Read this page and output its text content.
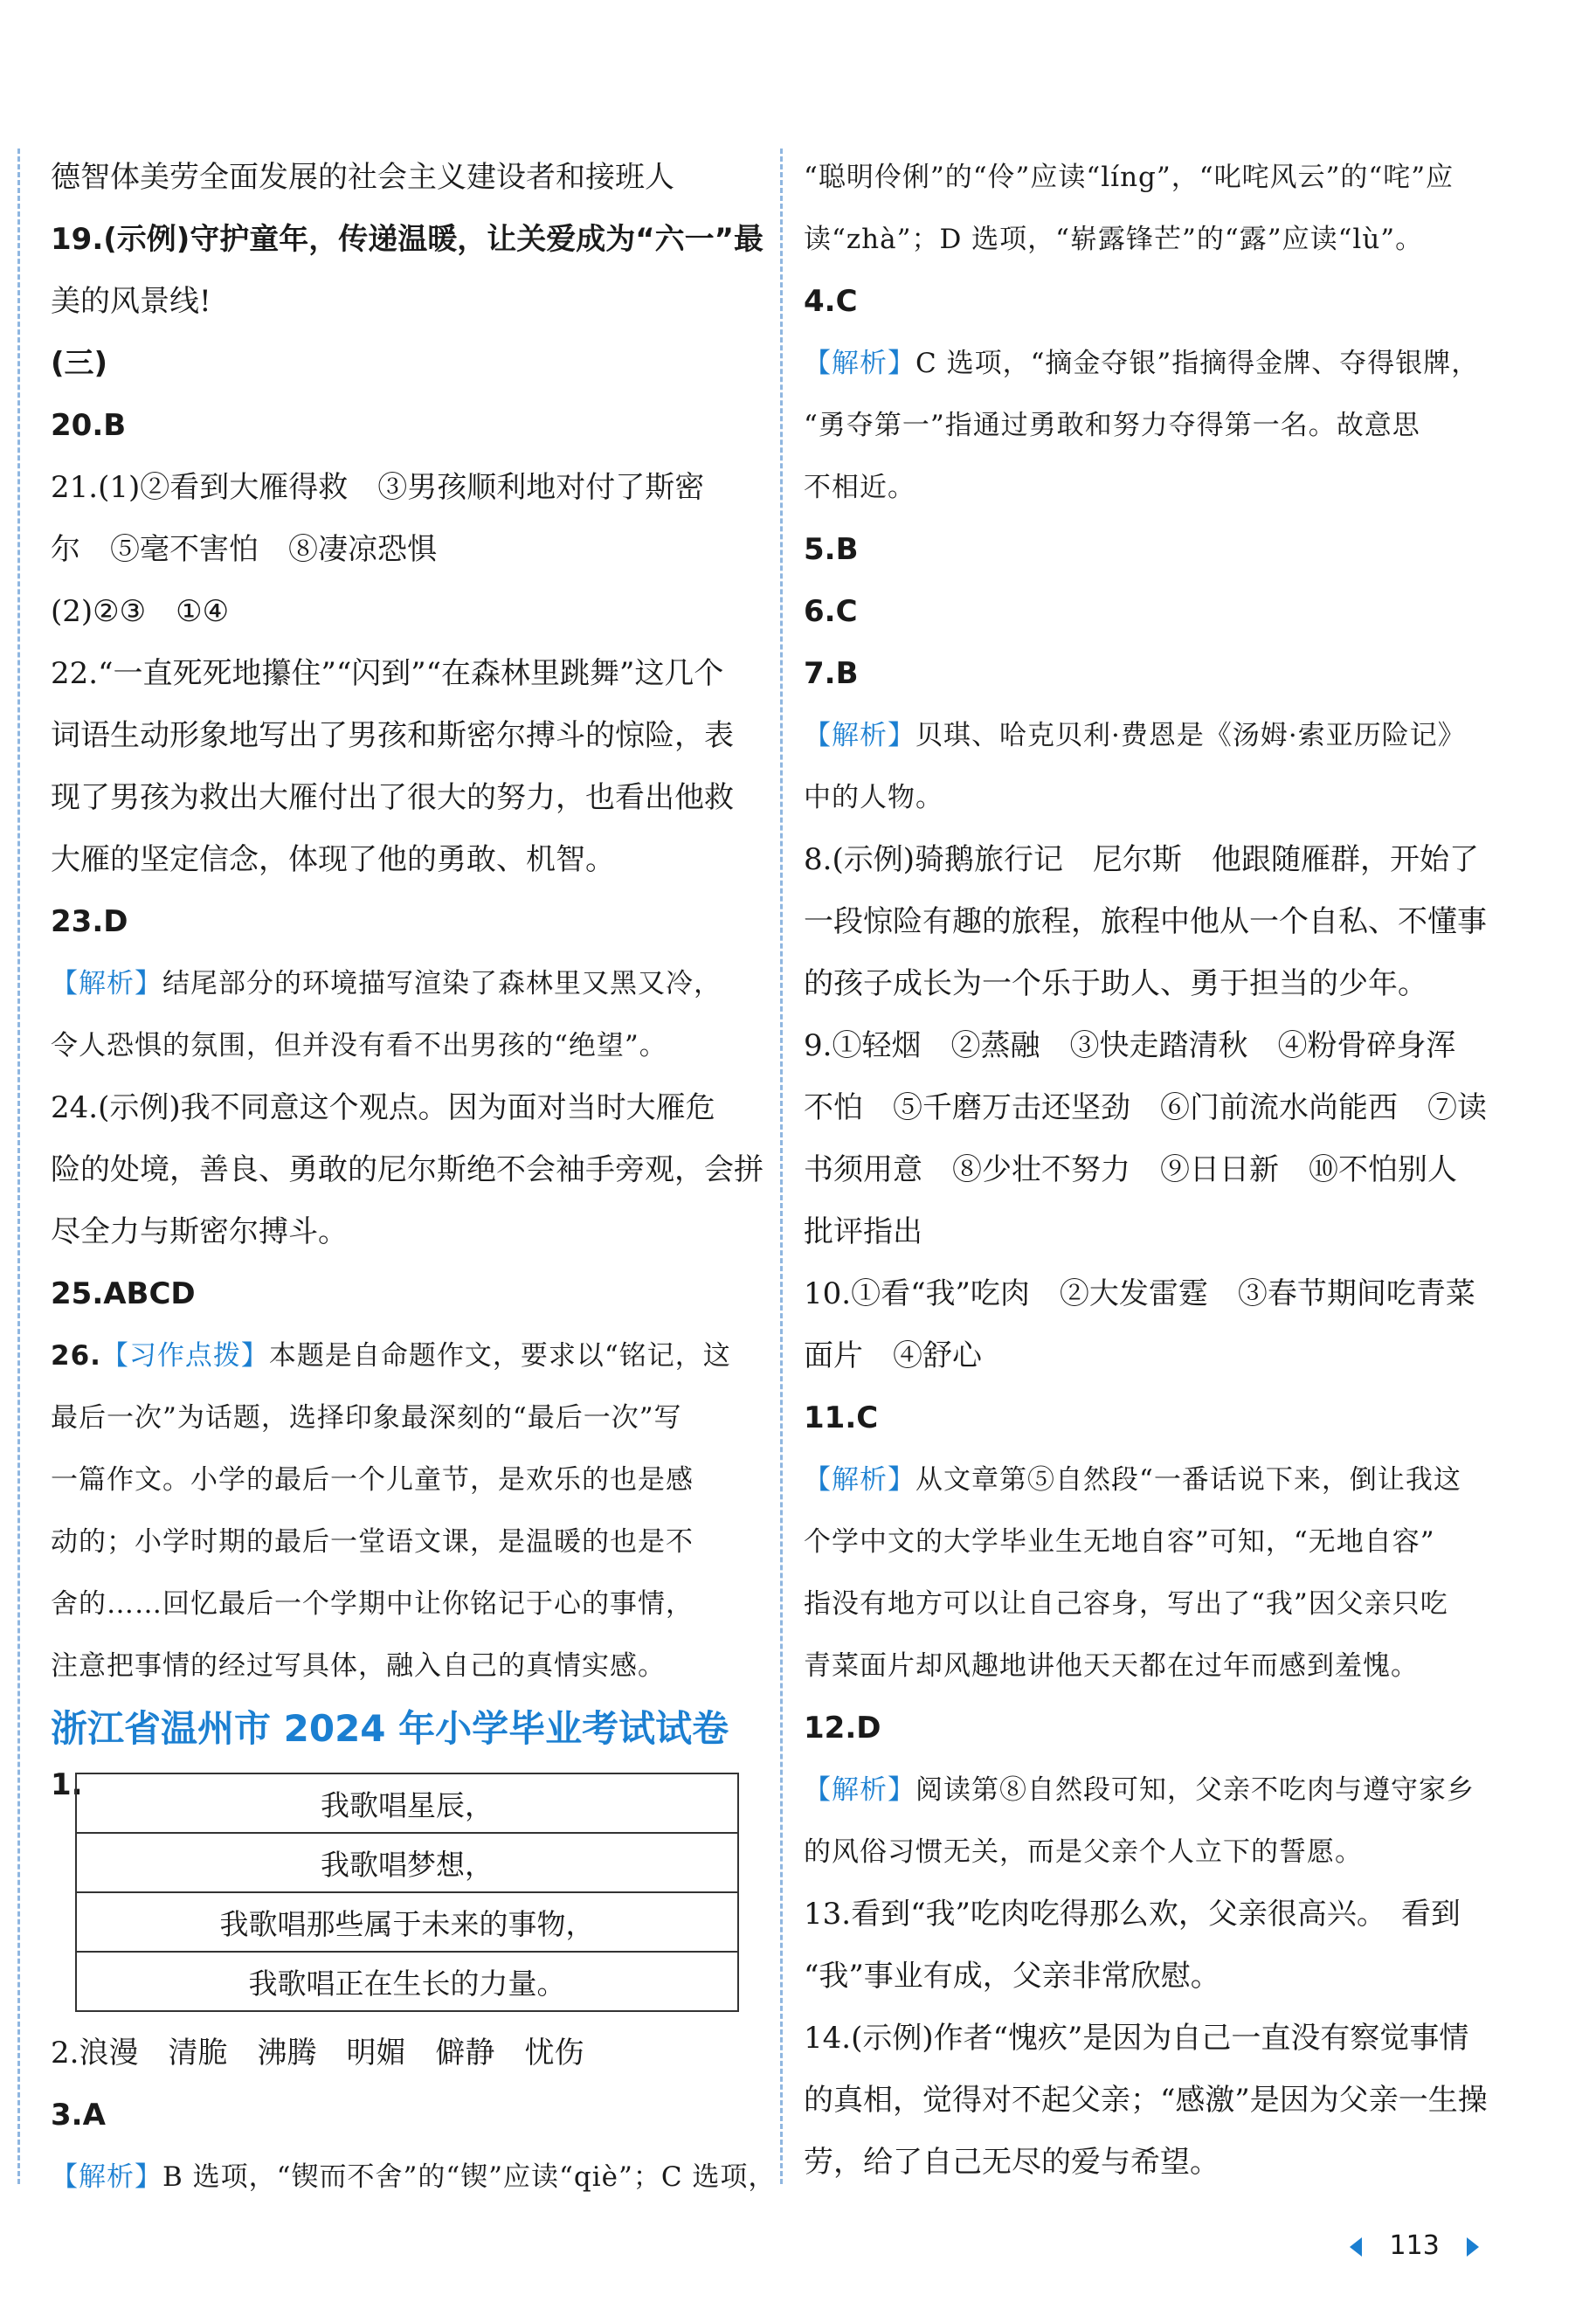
德智体美劳全面发展的社会主义建设者和接班人
19.(示例)守护童年，传递温暖，让关爱成为“六一”最
美的风景线!
(三)
20.B
21.(1)②看到大雁得救　③男孩顺利地对付了斯密
尔　⑤毫不害怕　⑧凄凉恐惧
(2)②③　①④
22.“一直死死地攥住”“闪到”“在森林里跳舞”这几个
词语生动形象地写出了男孩和斯密尔搏斗的惊险，表
现了男孩为救出大雁付出了很大的努力，也看出他救
大雁的坚定信念，体现了他的勇敢、机智。
23.D
【解析】结尾部分的环境描写渲染了森林里又黑又冷，
令人恐惧的氛围，但并没有看不出男孩的“绝望”。
24.(示例)我不同意这个观点。因为面对当时大雁危
险的处境，善良、勇敢的尼尔斯绝不会袖手旁观，会拼
尽全力与斯密尔搏斗。
25.ABCD
26.【习作点拨】本题是自命题作文，要求以“铭记，这
最后一次”为话题，选择印象最深刻的“最后一次”写
一篇作文。小学的最后一个儿童节，是欢乐的也是感
动的；小学时期的最后一堂语文课，是温暖的也是不
舍的……回忆最后一个学期中让你铭记于心的事情，
注意把事情的经过写具体，融入自己的真情实感。
浙江省温州市 2024 年小学毕业考试试卷
1.
我歌唱星辰，
我歌唱梦想，
我歌唱那些属于未来的事物，
我歌唱正在生长的力量。
2.浪漫　清脆　沸腾　明媚　僻静　忧伤
3.A
【解析】B 选项，“锲而不舍”的“锲”应读“qiè”；C 选项，
“聪明伶俐”的“伶”应读“líng”，“叱咤风云”的“咤”应
读“zhà”；D 选项，“崭露锋芒”的“露”应读“lù”。
4.C
【解析】C 选项，“摘金夺银”指摘得金牌、夺得银牌，
“勇夺第一”指通过勇敢和努力夺得第一名。故意思
不相近。
5.B
6.C
7.B
【解析】贝琪、哈克贝利·费恩是《汤姆·索亚历险记》
中的人物。
8.(示例)骑鹅旅行记　尼尔斯　他跟随雁群，开始了
一段惊险有趣的旅程，旅程中他从一个自私、不懂事
的孩子成长为一个乐于助人、勇于担当的少年。
9.①轻烟　②蒸融　③快走踏清秋　④粉骨碎身浑
不怕　⑤千磨万击还坚劲　⑥门前流水尚能西　⑦读
书须用意　⑧少壮不努力　⑨日日新　⑩不怕别人
批评指出
10.①看“我”吃肉　②大发雷霆　③春节期间吃青菜
面片　④舒心
11.C
【解析】从文章第⑤自然段“一番话说下来，倒让我这
个学中文的大学毕业生无地自容”可知，“无地自容”
指没有地方可以让自己容身，写出了“我”因父亲只吃
青菜面片却风趣地讲他天天都在过年而感到羞愧。
12.D
【解析】阅读第⑧自然段可知，父亲不吃肉与遵守家乡
的风俗习惯无关，而是父亲个人立下的誓愿。
13.看到“我”吃肉吃得那么欢，父亲很高兴。　看到
“我”事业有成，父亲非常欣慰。
14.(示例)作者“愧疚”是因为自己一直没有察觉事情
的真相，觉得对不起父亲；“感激”是因为父亲一生操
劳，给了自己无尽的爱与希望。
113
